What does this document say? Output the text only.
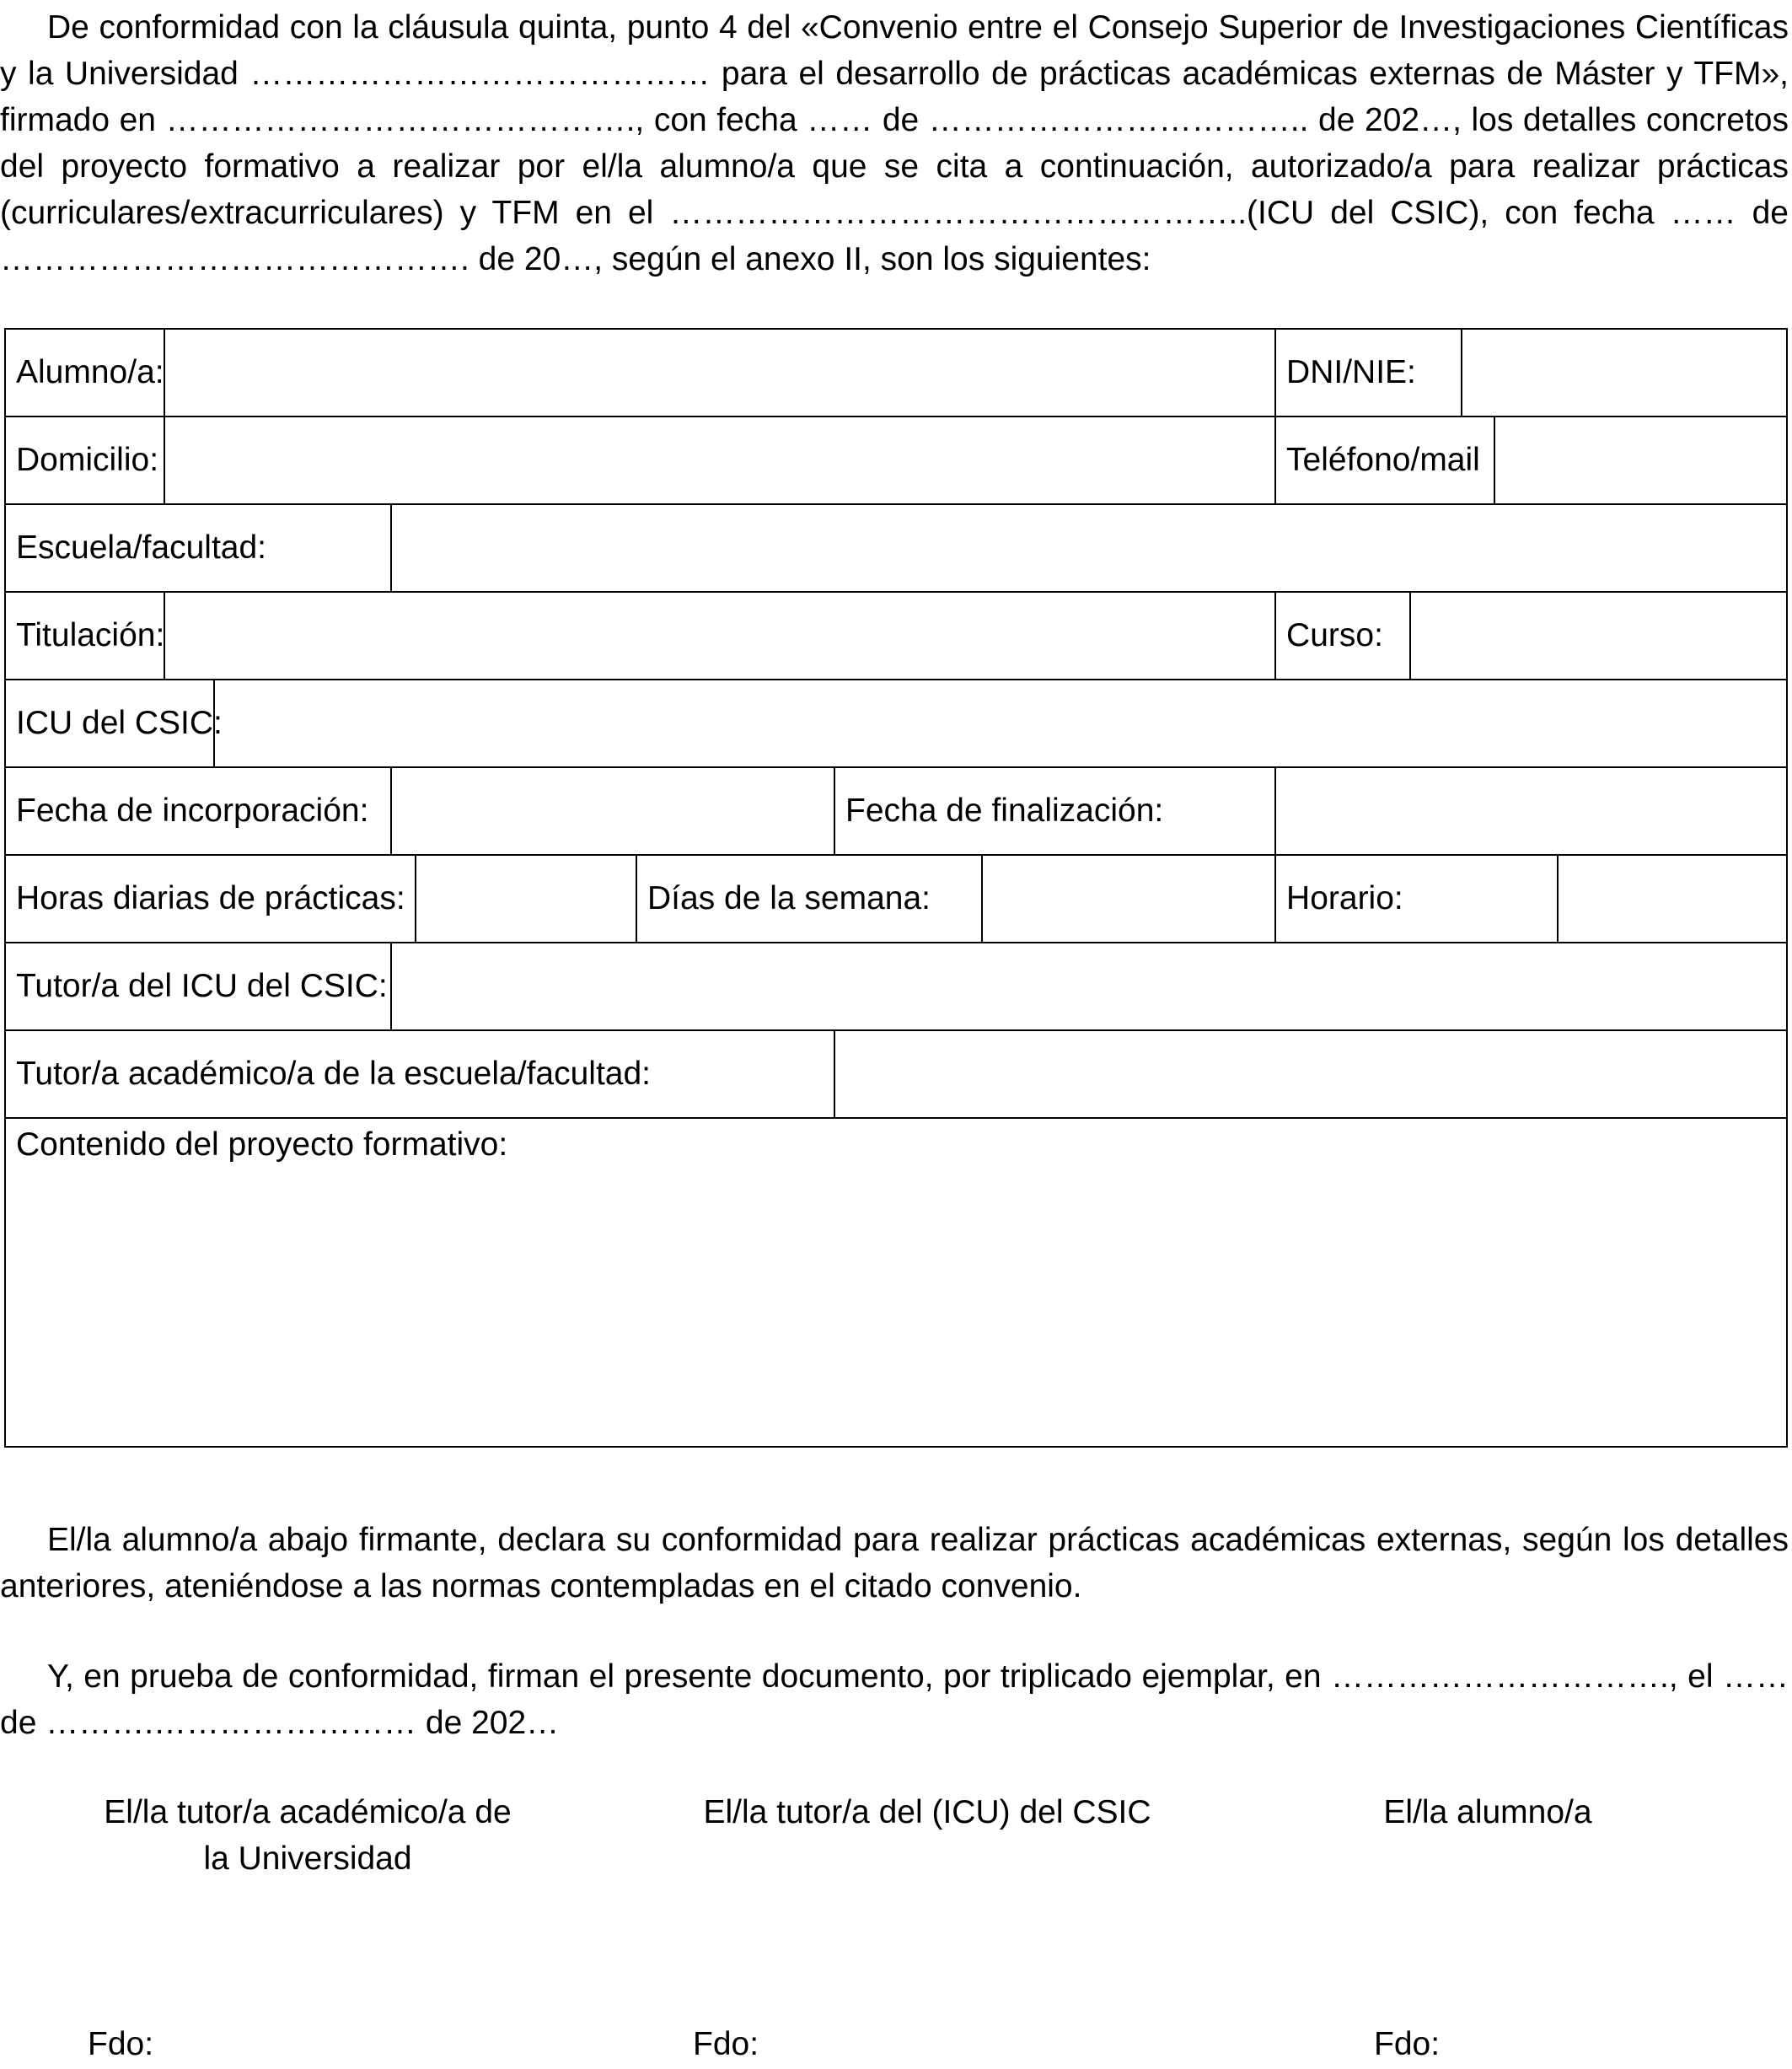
De conformidad con la cláusula quinta, punto 4 del «Convenio entre el Consejo Superior de Investigaciones Científicas y la Universidad …………………………………… para el desarrollo de prácticas académicas externas de Máster y TFM», firmado en ……………………………………., con fecha …… de …………………………….. de 202…, los detalles concretos del proyecto formativo a realizar por el/la alumno/a que se cita a continuación, autorizado/a para realizar prácticas (curriculares/extracurriculares) y TFM en el ……………………………………………..(ICU del CSIC), con fecha …… de ……………………………………. de 20…, según el anexo II, son los siguientes:

Alumno/a:								DNI/NIE:				
Domicilio:								Teléfono/mail				
Escuela/facultad:												
Titulación:								Curso:				
ICU del CSIC:												
Fecha de incorporación:						Fecha de finalización:						
Horas diarias de prácticas:					Días de la semana:			Horario:				
Tutor/a del ICU del CSIC:												
Tutor/a académico/a de la escuela/facultad:												
Contenido del proyecto formativo:												

El/la alumno/a abajo firmante, declara su conformidad para realizar prácticas académicas externas, según los detalles anteriores, ateniéndose a las normas contempladas en el citado convenio.

Y, en prueba de conformidad, firman el presente documento, por triplicado ejemplar, en …………………………., el …… de ……….…………………… de 202…

El/la tutor/a académico/a de
la Universidad
El/la tutor/a del (ICU) del CSIC	El/la alumno/a
Fdo:	Fdo:	Fdo:
